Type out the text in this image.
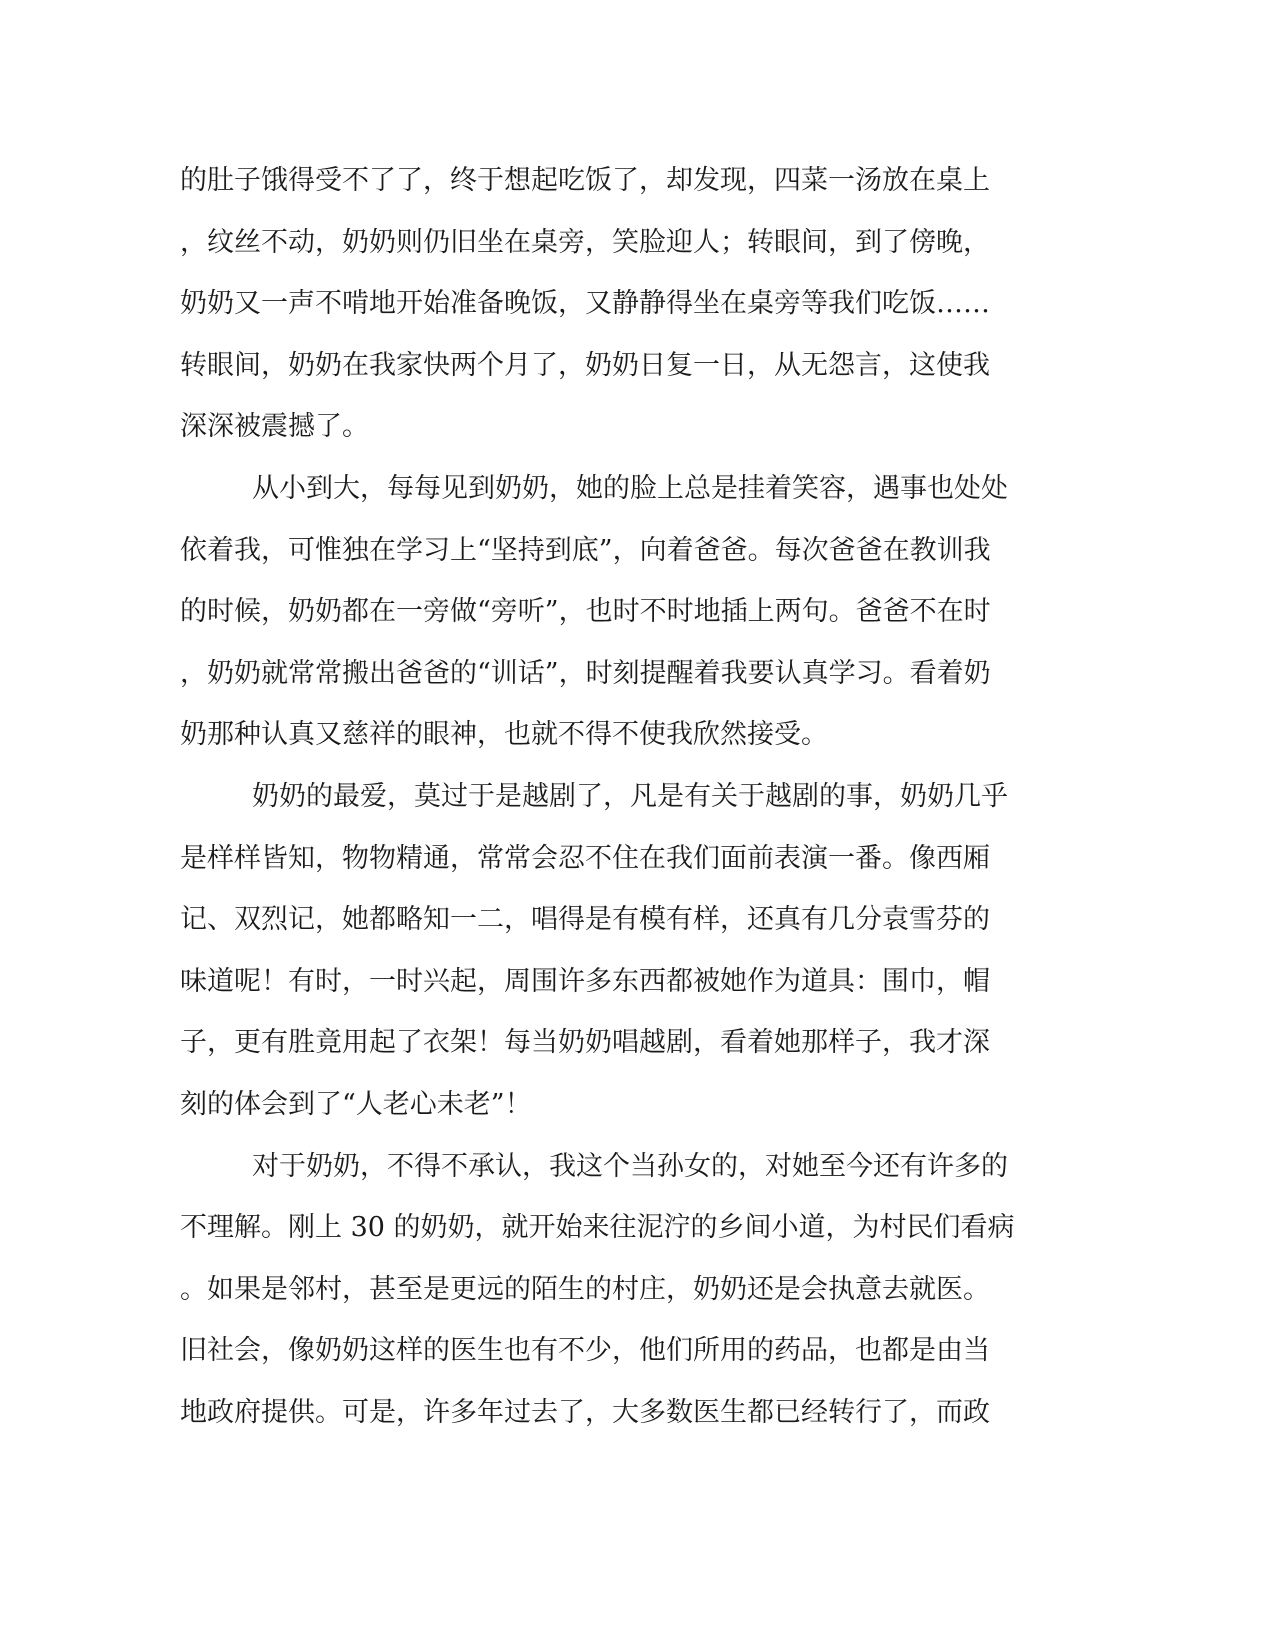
的肚子饿得受不了了，终于想起吃饭了，却发现，四菜一汤放在桌上
，纹丝不动，奶奶则仍旧坐在桌旁，笑脸迎人；转眼间，到了傍晚，
奶奶又一声不啃地开始准备晚饭，又静静得坐在桌旁等我们吃饭……
转眼间，奶奶在我家快两个月了，奶奶日复一日，从无怨言，这使我
深深被震撼了。
从小到大，每每见到奶奶，她的脸上总是挂着笑容，遇事也处处
依着我，可惟独在学习上“坚持到底”，向着爸爸。每次爸爸在教训我
的时候，奶奶都在一旁做“旁听”，也时不时地插上两句。爸爸不在时
，奶奶就常常搬出爸爸的“训话”，时刻提醒着我要认真学习。看着奶
奶那种认真又慈祥的眼神，也就不得不使我欣然接受。
奶奶的最爱，莫过于是越剧了，凡是有关于越剧的事，奶奶几乎
是样样皆知，物物精通，常常会忍不住在我们面前表演一番。像西厢
记、双烈记，她都略知一二，唱得是有模有样，还真有几分袁雪芬的
味道呢！有时，一时兴起，周围许多东西都被她作为道具：围巾，帽
子，更有胜竟用起了衣架！每当奶奶唱越剧，看着她那样子，我才深
刻的体会到了“人老心未老”！
对于奶奶，不得不承认，我这个当孙女的，对她至今还有许多的
不理解。刚上 30 的奶奶，就开始来往泥泞的乡间小道，为村民们看病
。如果是邻村，甚至是更远的陌生的村庄，奶奶还是会执意去就医。
旧社会，像奶奶这样的医生也有不少，他们所用的药品，也都是由当
地政府提供。可是，许多年过去了，大多数医生都已经转行了，而政
